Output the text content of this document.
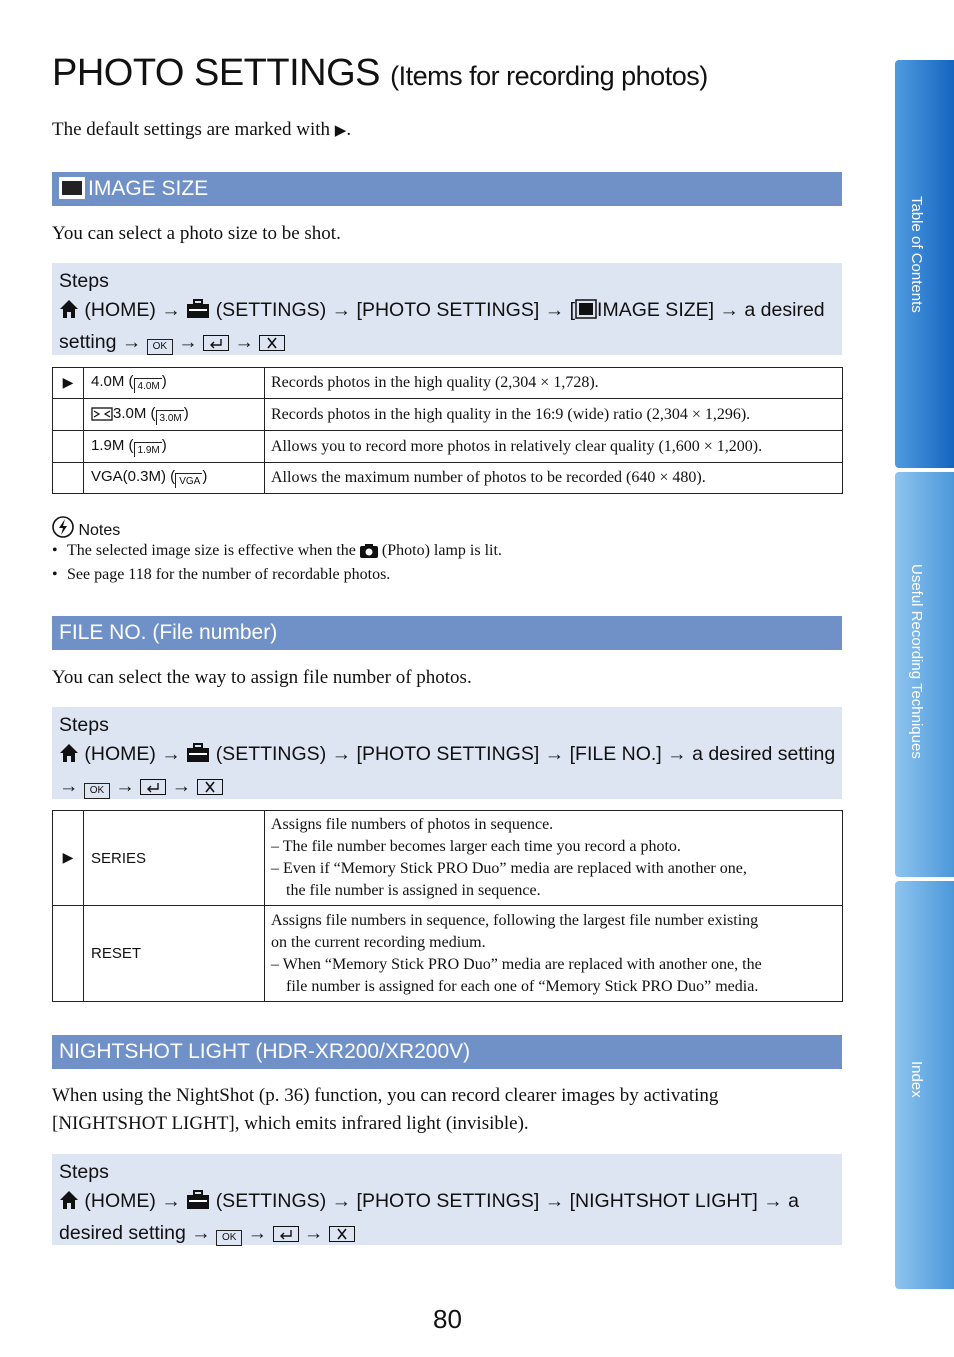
PHOTO SETTINGS (Items for recording photos)
The default settings are marked with ▶.
IMAGE SIZE
You can select a photo size to be shot.
Steps
(HOME) →  (SETTINGS) → [PHOTO SETTINGS] → [ IMAGE SIZE] → a desired
setting → OK →  →
▶	4.0M ( 4.0M )	Records photos in the high quality (2,304 × 1,728).
	3.0M ( 3.0M )	Records photos in the high quality in the 16:9 (wide) ratio (2,304 × 1,296).
	1.9M ( 1.9M )	Allows you to record more photos in relatively clear quality (1,600 × 1,200).
	VGA(0.3M) ( VGA )	Allows the maximum number of photos to be recorded (640 × 480).
Notes
• The selected image size is effective when the (Photo) lamp is lit.
• See page 118 for the number of recordable photos.
FILE NO. (File number)
You can select the way to assign file number of photos.
Steps
(HOME) →  (SETTINGS) → [PHOTO SETTINGS] → [FILE NO.] → a desired setting
→ OK →  →
▶	SERIES	Assigns file numbers of photos in sequence.
– The file number becomes larger each time you record a photo.
– Even if “Memory Stick PRO Duo” media are replaced with another one,
the file number is assigned in sequence.

	RESET	Assigns file numbers in sequence, following the largest file number existing
on the current recording medium.
– When “Memory Stick PRO Duo” media are replaced with another one, the
file number is assigned for each one of “Memory Stick PRO Duo” media.
NIGHTSHOT LIGHT (HDR-XR200/XR200V)
When using the NightShot (p. 36) function, you can record clearer images by activating
[NIGHTSHOT LIGHT], which emits infrared light (invisible).
Steps
(HOME) →  (SETTINGS) → [PHOTO SETTINGS] → [NIGHTSHOT LIGHT] → a
desired setting → OK →  →
80
Table of Contents
Useful Recording Techniques
Index
